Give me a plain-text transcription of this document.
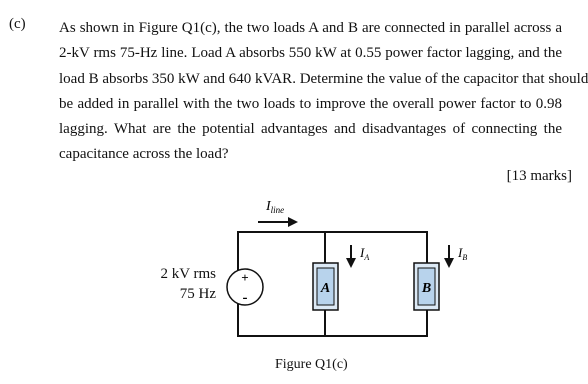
(c) As shown in Figure Q1(c), the two loads A and B are connected in parallel across a
2-kV rms 75-Hz line. Load A absorbs 550 kW at 0.55 power factor lagging, and the
load B absorbs 350 kW and 640 kVAR. Determine the value of the capacitor that should
be added in parallel with the two loads to improve the overall power factor to 0.98
lagging. What are the potential advantages and disadvantages of connecting the
capacitance across the load?
[13 marks]
+
-
A	B
$I_{line}$
$I_A$	$I_B$
2 kV rms
75 Hz
Figure Q1(c)
